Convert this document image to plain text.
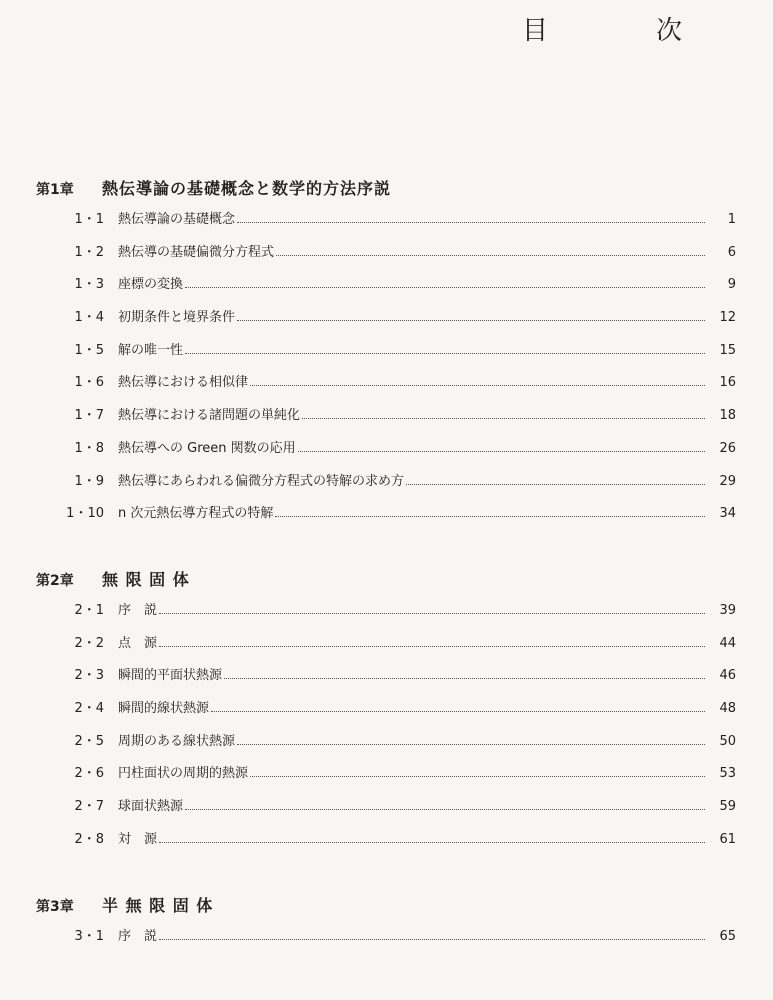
目	次
第1章	熱伝導論の基礎概念と数学的方法序説
1・1 熱伝導論の基礎概念	1
1・2 熱伝導の基礎偏微分方程式	6
1・3 座標の変換	9
1・4 初期条件と境界条件	12
1・5 解の唯一性	15
1・6 熱伝導における相似律	16
1・7 熱伝導における諸問題の単純化	18
1・8 熱伝導への Green 関数の応用	26
1・9 熱伝導にあらわれる偏微分方程式の特解の求め方	29
1・10 n 次元熱伝導方程式の特解	34
第2章	無 限 固 体
2・1 序　説	39
2・2 点　源	44
2・3 瞬間的平面状熱源	46
2・4 瞬間的線状熱源	48
2・5 周期のある線状熱源	50
2・6 円柱面状の周期的熱源	53
2・7 球面状熱源	59
2・8 対　源	61
第3章	半 無 限 固 体
3・1 序　説	65
